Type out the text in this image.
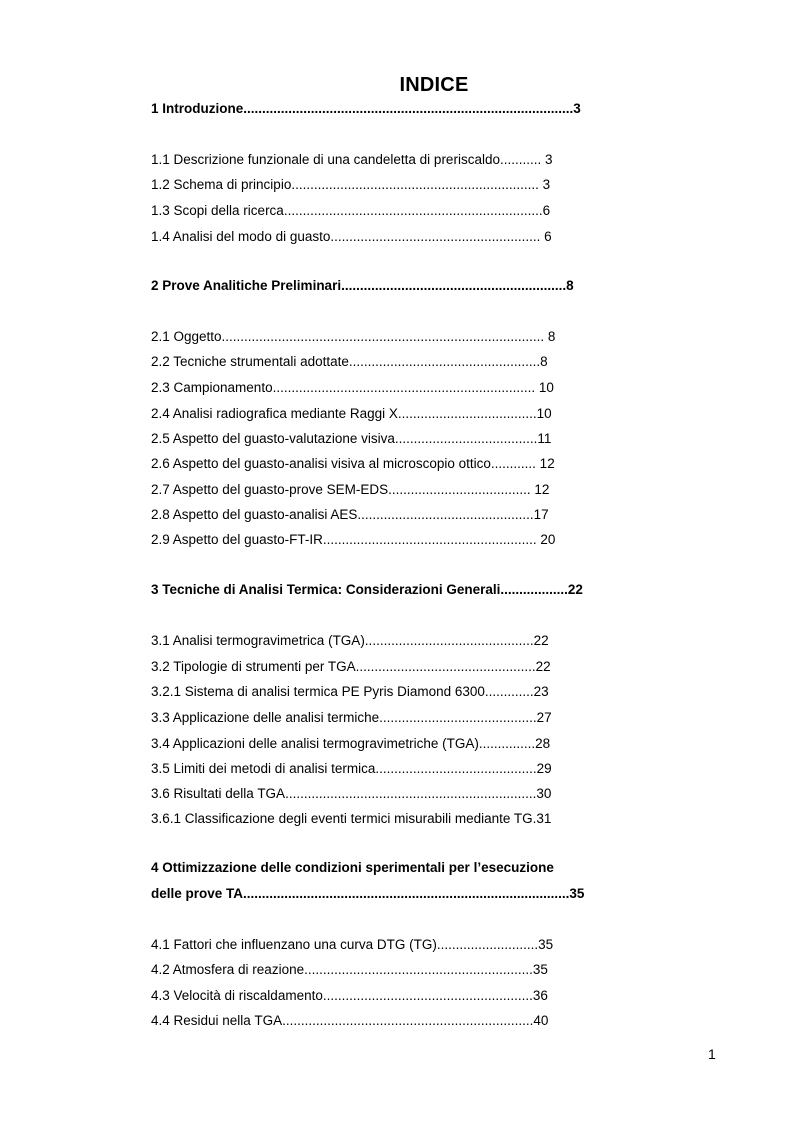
INDICE
1 Introduzione........................................................................................3
1.1 Descrizione funzionale di una candeletta di preriscaldo........... 3
1.2 Schema di principio.................................................................. 3
1.3 Scopi della ricerca.....................................................................6
1.4 Analisi del modo di guasto........................................................ 6
2 Prove Analitiche Preliminari............................................................8
2.1 Oggetto...................................................................................... 8
2.2 Tecniche strumentali adottate...................................................8
2.3 Campionamento...................................................................... 10
2.4 Analisi radiografica mediante Raggi X.....................................10
2.5 Aspetto del guasto-valutazione visiva......................................11
2.6 Aspetto del guasto-analisi visiva al microscopio ottico............ 12
2.7 Aspetto del guasto-prove SEM-EDS...................................... 12
2.8 Aspetto del guasto-analisi AES...............................................17
2.9 Aspetto del guasto-FT-IR......................................................... 20
3 Tecniche di Analisi Termica: Considerazioni Generali..................22
3.1 Analisi termogravimetrica (TGA).............................................22
3.2 Tipologie di strumenti per TGA................................................22
3.2.1 Sistema di analisi termica PE Pyris Diamond 6300.............23
3.3 Applicazione delle analisi termiche..........................................27
3.4 Applicazioni delle analisi termogravimetriche (TGA)...............28
3.5 Limiti dei metodi di analisi termica...........................................29
3.6 Risultati della TGA...................................................................30
3.6.1 Classificazione degli eventi termici misurabili mediante TG.31
4 Ottimizzazione delle condizioni sperimentali per l’esecuzione
delle prove TA.......................................................................................35
4.1 Fattori che influenzano una curva DTG (TG)...........................35
4.2 Atmosfera di reazione.............................................................35
4.3 Velocità di riscaldamento........................................................36
4.4 Residui nella TGA...................................................................40
1
